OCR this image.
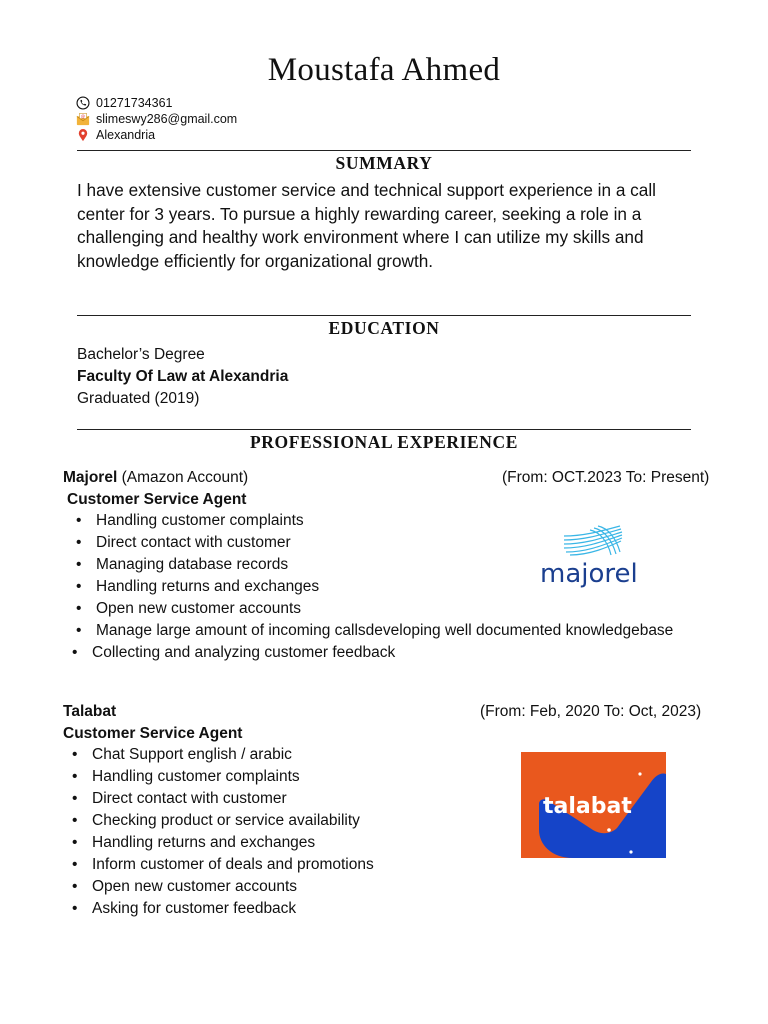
Moustafa Ahmed
01271734361
@ slimeswy286@gmail.com
Alexandria
SUMMARY
I have extensive customer service and technical support experience in a call center for 3 years. To pursue a highly rewarding career, seeking a role in a challenging and healthy work environment where I can utilize my skills and knowledge efficiently for organizational growth.
EDUCATION
Bachelor’s Degree
Faculty Of Law at Alexandria
Graduated (2019)
PROFESSIONAL EXPERIENCE
Majorel (Amazon Account)	(From: OCT.2023 To: Present)
Customer Service Agent
• Handling customer complaints
• Direct contact with customer
• Managing database records
• Handling returns and exchanges
• Open new customer accounts
• Manage large amount of incoming callsdeveloping well documented knowledgebase
• Collecting and analyzing customer feedback
majorel
Talabat	(From: Feb, 2020 To: Oct, 2023)
Customer Service Agent
• Chat Support english / arabic
• Handling customer complaints
• Direct contact with customer
• Checking product or service availability
• Handling returns and exchanges
• Inform customer of deals and promotions
• Open new customer accounts
• Asking for customer feedback
talabat
